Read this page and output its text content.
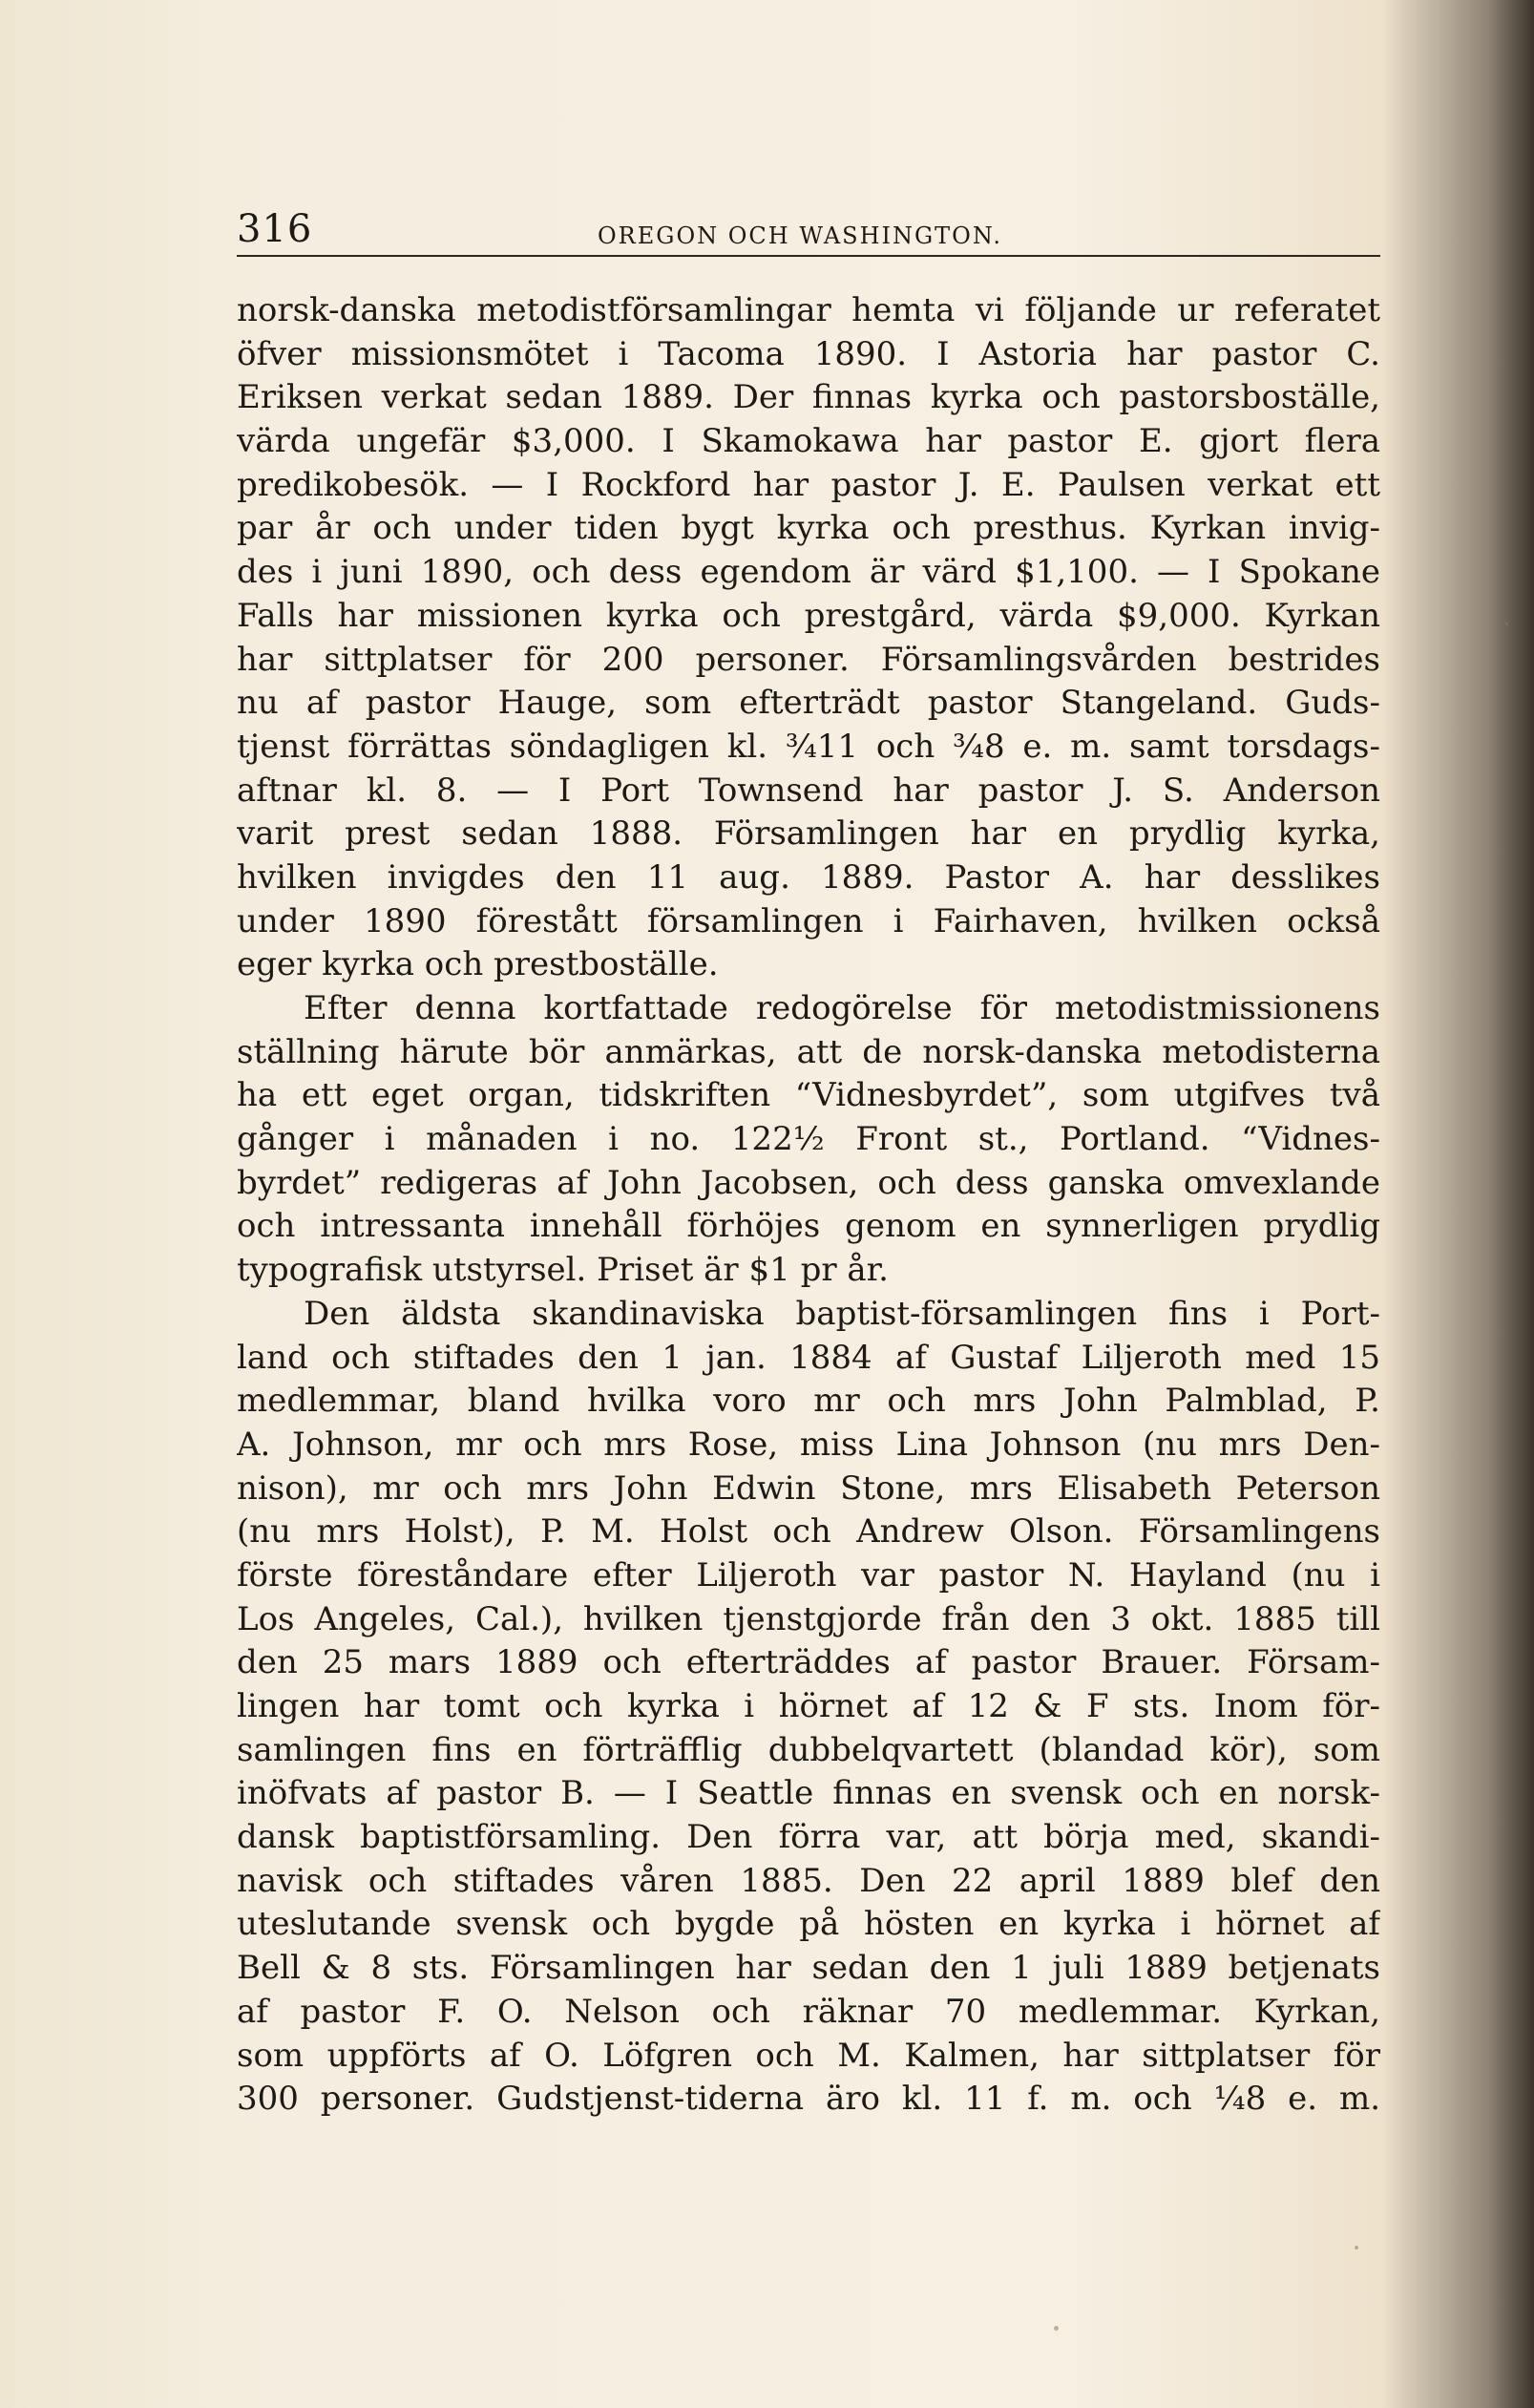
316	OREGON OCH WASHINGTON.
norsk-danska metodistförsamlingar hemta vi följande ur referatet
öfver missionsmötet i Tacoma 1890. I Astoria har pastor C.
Eriksen verkat sedan 1889. Der finnas kyrka och pastorsboställe,
värda ungefär $3,000. I Skamokawa har pastor E. gjort flera
predikobesök. — I Rockford har pastor J. E. Paulsen verkat ett
par år och under tiden bygt kyrka och presthus. Kyrkan invig-
des i juni 1890, och dess egendom är värd $1,100. — I Spokane
Falls har missionen kyrka och prestgård, värda $9,000. Kyrkan
har sittplatser för 200 personer. Församlingsvården bestrides
nu af pastor Hauge, som efterträdt pastor Stangeland. Guds-
tjenst förrättas söndagligen kl. ¾11 och ¾8 e. m. samt torsdags-
aftnar kl. 8. — I Port Townsend har pastor J. S. Anderson
varit prest sedan 1888. Församlingen har en prydlig kyrka,
hvilken invigdes den 11 aug. 1889. Pastor A. har desslikes
under 1890 förestått församlingen i Fairhaven, hvilken också
eger kyrka och prestboställe.
Efter denna kortfattade redogörelse för metodistmissionens
ställning härute bör anmärkas, att de norsk-danska metodisterna
ha ett eget organ, tidskriften “Vidnesbyrdet”, som utgifves två
gånger i månaden i no. 122½ Front st., Portland. “Vidnes-
byrdet” redigeras af John Jacobsen, och dess ganska omvexlande
och intressanta innehåll förhöjes genom en synnerligen prydlig
typografisk utstyrsel. Priset är $1 pr år.
Den äldsta skandinaviska baptist-församlingen fins i Port-
land och stiftades den 1 jan. 1884 af Gustaf Liljeroth med 15
medlemmar, bland hvilka voro mr och mrs John Palmblad, P.
A. Johnson, mr och mrs Rose, miss Lina Johnson (nu mrs Den-
nison), mr och mrs John Edwin Stone, mrs Elisabeth Peterson
(nu mrs Holst), P. M. Holst och Andrew Olson. Församlingens
förste föreståndare efter Liljeroth var pastor N. Hayland (nu i
Los Angeles, Cal.), hvilken tjenstgjorde från den 3 okt. 1885 till
den 25 mars 1889 och efterträddes af pastor Brauer. Försam-
lingen har tomt och kyrka i hörnet af 12 & F sts. Inom för-
samlingen fins en förträfflig dubbelqvartett (blandad kör), som
inöfvats af pastor B. — I Seattle finnas en svensk och en norsk-
dansk baptistförsamling. Den förra var, att börja med, skandi-
navisk och stiftades våren 1885. Den 22 april 1889 blef den
uteslutande svensk och bygde på hösten en kyrka i hörnet af
Bell & 8 sts. Församlingen har sedan den 1 juli 1889 betjenats
af pastor F. O. Nelson och räknar 70 medlemmar. Kyrkan,
som uppförts af O. Löfgren och M. Kalmen, har sittplatser för
300 personer. Gudstjenst-tiderna äro kl. 11 f. m. och ¼8 e. m.
